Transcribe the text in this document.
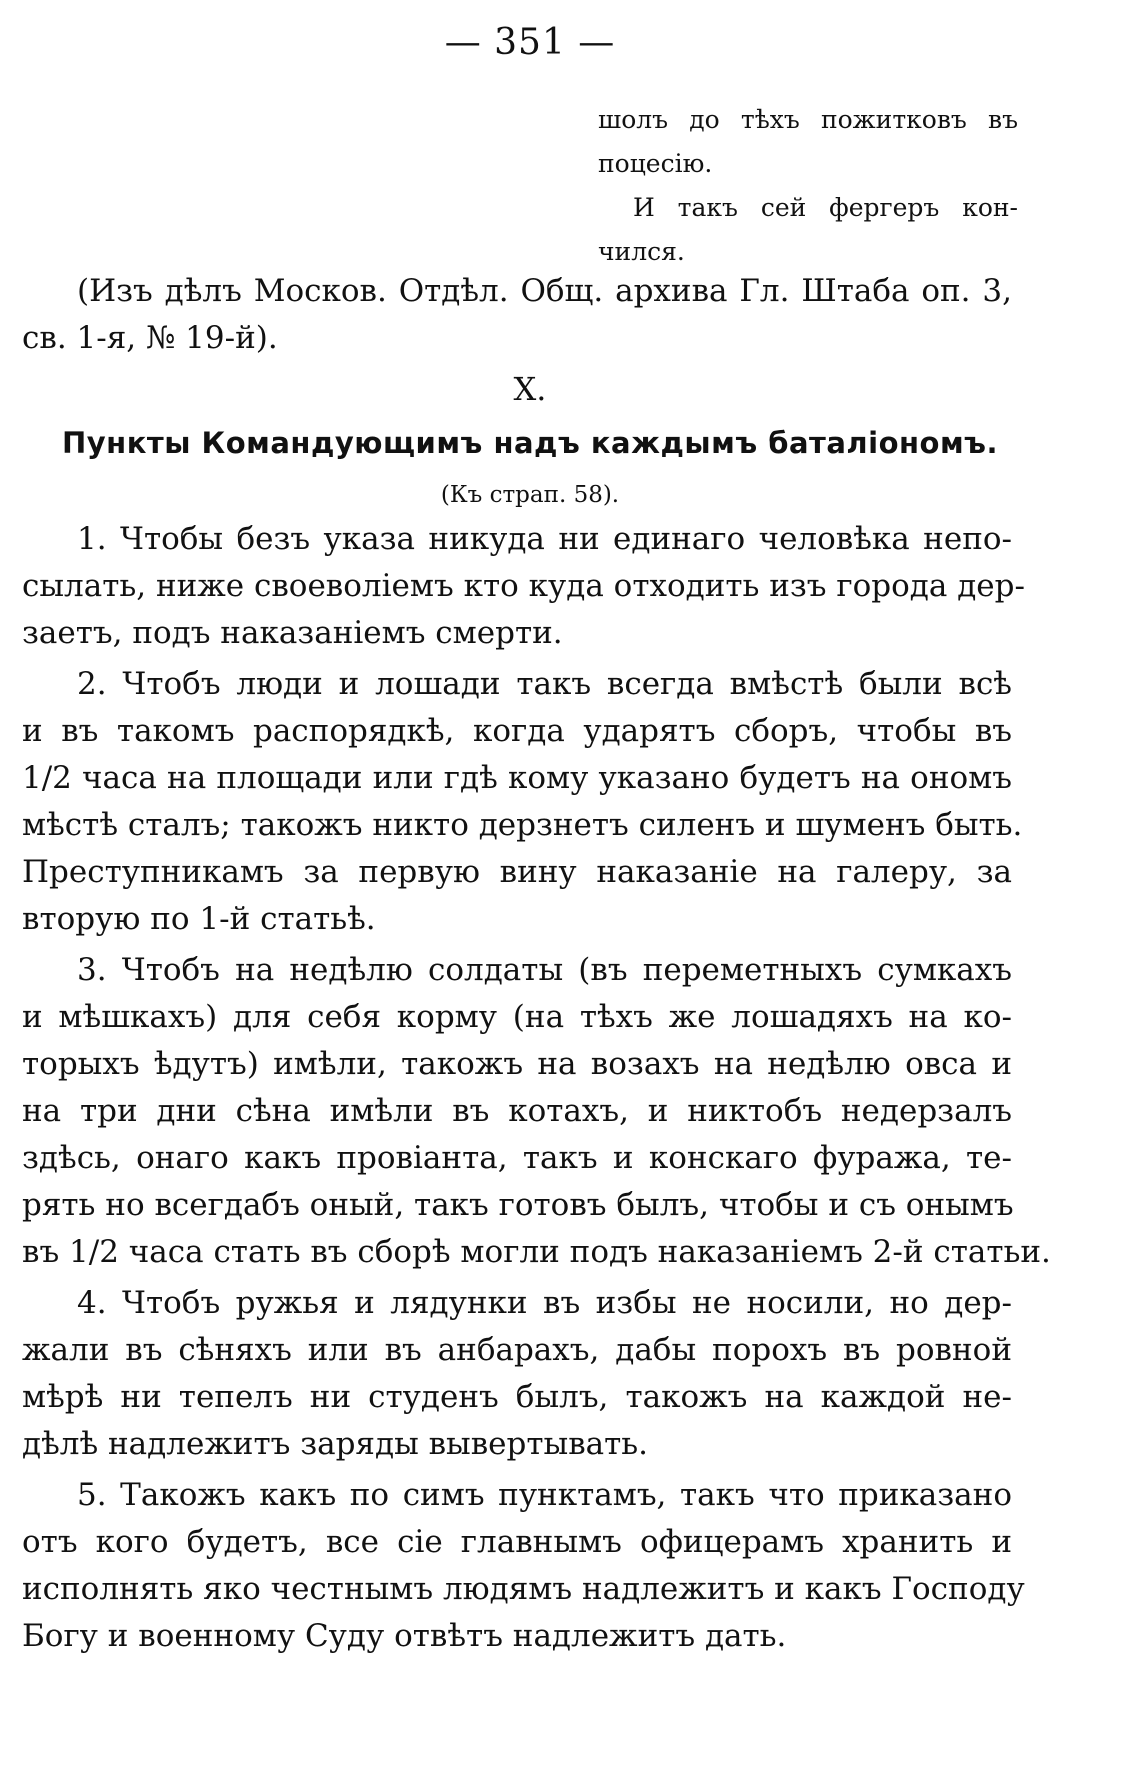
— 351 —
шолъ до тѣхъ пожитковъ въ
поцесію.
И такъ сей фергеръ кон-
чился.
(Изъ дѣлъ Москов. Отдѣл. Общ. архива Гл. Штаба оп. 3,
св. 1-я, № 19-й).
X.
Пункты Командующимъ надъ каждымъ баталіономъ.
(Къ страп. 58).
1. Чтобы безъ указа никуда ни единаго человѣка непо-
сылать, ниже своеволіемъ кто куда отходить изъ города дер-
заетъ, подъ наказаніемъ смерти.
2. Чтобъ люди и лошади такъ всегда вмѣстѣ были всѣ
и въ такомъ распорядкѣ, когда ударятъ сборъ, чтобы въ
1/2 часа на площади или гдѣ кому указано будетъ на ономъ
мѣстѣ сталъ; такожъ никто дерзнетъ силенъ и шуменъ быть.
Преступникамъ за первую вину наказаніе на галеру, за
вторую по 1-й статьѣ.
3. Чтобъ на недѣлю солдаты (въ переметныхъ сумкахъ
и мѣшкахъ) для себя корму (на тѣхъ же лошадяхъ на ко-
торыхъ ѣдутъ) имѣли, такожъ на возахъ на недѣлю овса и
на три дни сѣна имѣли въ котахъ, и никтобъ недерзалъ
здѣсь, онаго какъ провіанта, такъ и конскаго фуража, те-
рять но всегдабъ оный, такъ готовъ былъ, чтобы и съ онымъ
въ 1/2 часа стать въ сборѣ могли подъ наказаніемъ 2-й статьи.
4. Чтобъ ружья и лядунки въ избы не носили, но дер-
жали въ сѣняхъ или въ анбарахъ, дабы порохъ въ ровной
мѣрѣ ни тепелъ ни студенъ былъ, такожъ на каждой не-
дѣлѣ надлежитъ заряды вывертывать.
5. Такожъ какъ по симъ пунктамъ, такъ что приказано
отъ кого будетъ, все сіе главнымъ офицерамъ хранить и
исполнять яко честнымъ людямъ надлежитъ и какъ Господу
Богу и военному Суду отвѣтъ надлежитъ дать.
